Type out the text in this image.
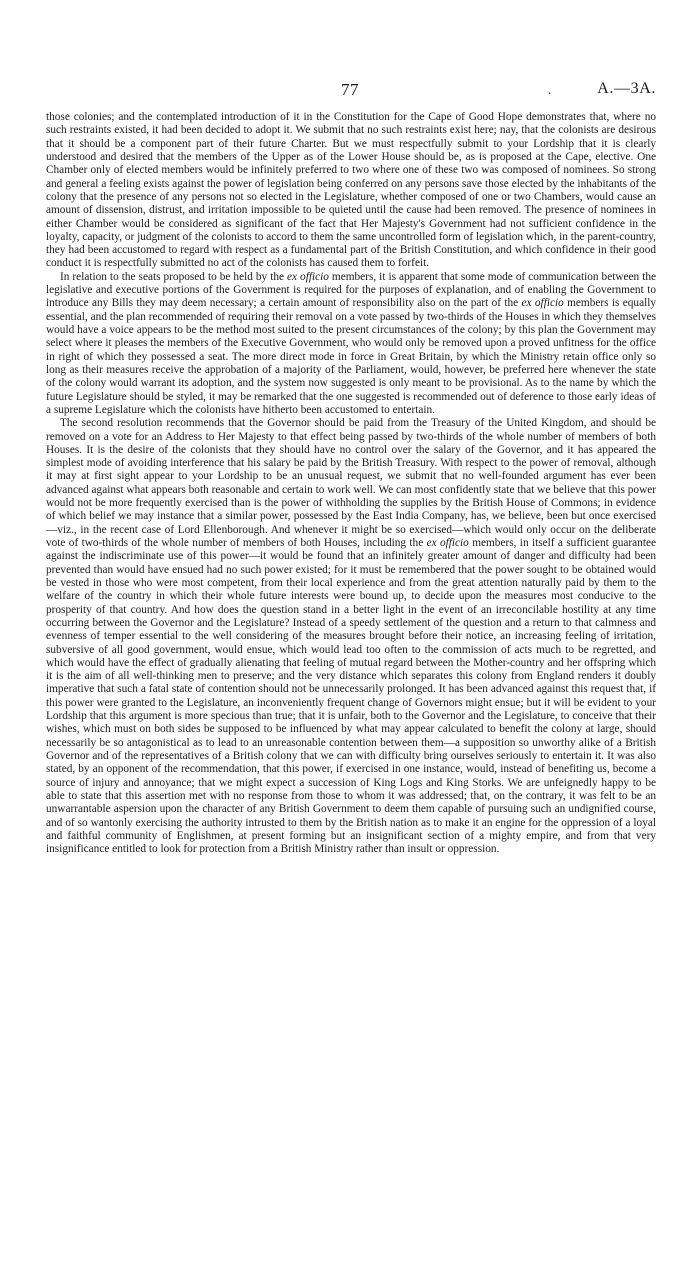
77	.	A.—3A.

those colonies; and the contemplated introduction of it in the Constitution for the Cape of Good Hope demonstrates that, where no such restraints existed, it had been decided to adopt it. We submit that no such restraints exist here; nay, that the colonists are desirous that it should be a component part of their future Charter. But we must respectfully submit to your Lordship that it is clearly understood and desired that the members of the Upper as of the Lower House should be, as is proposed at the Cape, elective. One Chamber only of elected members would be infinitely preferred to two where one of these two was composed of nominees. So strong and general a feeling exists against the power of legislation being conferred on any persons save those elected by the inhabitants of the colony that the presence of any persons not so elected in the Legislature, whether composed of one or two Chambers, would cause an amount of dissension, distrust, and irritation impossible to be quieted until the cause had been removed. The presence of nominees in either Chamber would be considered as significant of the fact that Her Majesty's Government had not sufficient confidence in the loyalty, capacity, or judgment of the colonists to accord to them the same uncontrolled form of legislation which, in the parent-country, they had been accustomed to regard with respect as a fundamental part of the British Constitution, and which confidence in their good conduct it is respectfully submitted no act of the colonists has caused them to forfeit.

In relation to the seats proposed to be held by the ex officio members, it is apparent that some mode of communication between the legislative and executive portions of the Government is required for the purposes of explanation, and of enabling the Government to introduce any Bills they may deem necessary; a certain amount of responsibility also on the part of the ex officio members is equally essential, and the plan recommended of requiring their removal on a vote passed by two-thirds of the Houses in which they themselves would have a voice appears to be the method most suited to the present circumstances of the colony; by this plan the Government may select where it pleases the members of the Executive Government, who would only be removed upon a proved unfitness for the office in right of which they possessed a seat. The more direct mode in force in Great Britain, by which the Ministry retain office only so long as their measures receive the approbation of a majority of the Parliament, would, however, be preferred here whenever the state of the colony would warrant its adoption, and the system now suggested is only meant to be provisional. As to the name by which the future Legislature should be styled, it may be remarked that the one suggested is recommended out of deference to those early ideas of a supreme Legislature which the colonists have hitherto been accustomed to entertain.

The second resolution recommends that the Governor should be paid from the Treasury of the United Kingdom, and should be removed on a vote for an Address to Her Majesty to that effect being passed by two-thirds of the whole number of members of both Houses. It is the desire of the colonists that they should have no control over the salary of the Governor, and it has appeared the simplest mode of avoiding interference that his salary be paid by the British Treasury. With respect to the power of removal, although it may at first sight appear to your Lordship to be an unusual request, we submit that no well-founded argument has ever been advanced against what appears both reasonable and certain to work well. We can most confidently state that we believe that this power would not be more frequently exercised than is the power of withholding the supplies by the British House of Commons; in evidence of which belief we may instance that a similar power, possessed by the East India Company, has, we believe, been but once exercised—viz., in the recent case of Lord Ellenborough. And whenever it might be so exercised—which would only occur on the deliberate vote of two-thirds of the whole number of members of both Houses, including the ex officio members, in itself a sufficient guarantee against the indiscriminate use of this power—it would be found that an infinitely greater amount of danger and difficulty had been prevented than would have ensued had no such power existed; for it must be remembered that the power sought to be obtained would be vested in those who were most competent, from their local experience and from the great attention naturally paid by them to the welfare of the country in which their whole future interests were bound up, to decide upon the measures most conducive to the prosperity of that country. And how does the question stand in a better light in the event of an irreconcilable hostility at any time occurring between the Governor and the Legislature? Instead of a speedy settlement of the question and a return to that calmness and evenness of temper essential to the well considering of the measures brought before their notice, an increasing feeling of irritation, subversive of all good government, would ensue, which would lead too often to the commission of acts much to be regretted, and which would have the effect of gradually alienating that feeling of mutual regard between the Mother-country and her offspring which it is the aim of all well-thinking men to preserve; and the very distance which separates this colony from England renders it doubly imperative that such a fatal state of contention should not be unnecessarily prolonged. It has been advanced against this request that, if this power were granted to the Legislature, an inconveniently frequent change of Governors might ensue; but it will be evident to your Lordship that this argument is more specious than true; that it is unfair, both to the Governor and the Legislature, to conceive that their wishes, which must on both sides be supposed to be influenced by what may appear calculated to benefit the colony at large, should necessarily be so antagonistical as to lead to an unreasonable contention between them—a supposition so unworthy alike of a British Governor and of the representatives of a British colony that we can with difficulty bring ourselves seriously to entertain it. It was also stated, by an opponent of the recommendation, that this power, if exercised in one instance, would, instead of benefiting us, become a source of injury and annoyance; that we might expect a succession of King Logs and King Storks. We are unfeignedly happy to be able to state that this assertion met with no response from those to whom it was addressed; that, on the contrary, it was felt to be an unwarrantable aspersion upon the character of any British Government to deem them capable of pursuing such an undignified course, and of so wantonly exercising the authority intrusted to them by the British nation as to make it an engine for the oppression of a loyal and faithful community of Englishmen, at present forming but an insignificant section of a mighty empire, and from that very insignificance entitled to look for protection from a British Ministry rather than insult or oppression.
